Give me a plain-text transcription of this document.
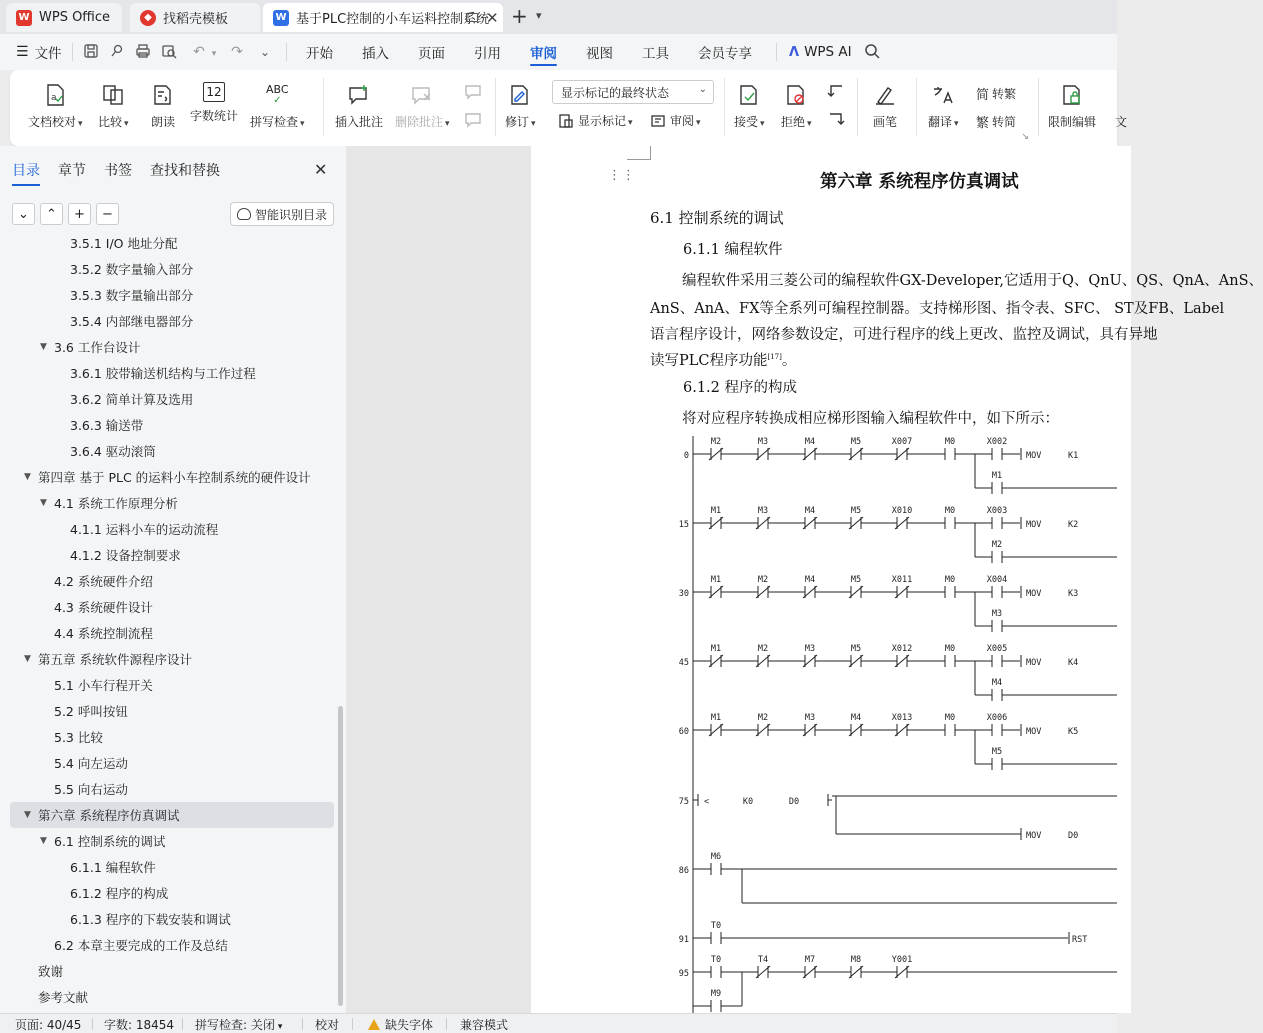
W WPS Office	◆ 找稻壳模板	W 基于PLC控制的小车运料控制系统
✕ + ▾
☰ 文件	↶ ▾	↷	⌄	开始 插入 页面 引用 审阅 视图 工具 会员专享	ᐱ WPS AI
a
文档校对 ▾	比较 ▾	朗读
12
字数统计
ABC
✓
拼写检查 ▾	插入批注 删除批注 ▾	修订 ▾
显示标记的最终状态	⌄
显示标记 ▾	审阅 ▾	接受 ▾	拒绝 ▾	画笔	翻译 ▾
简 转繁
繁 转简	限制编辑 文
↘
目录 章节 书签 查找和替换	✕
⌄	⌃	+	−	智能识别目录
3.5.1 I/O 地址分配
3.5.2 数字量输入部分
3.5.3 数字量输出部分
3.5.4 内部继电器部分
▼ 3.6 工作台设计
3.6.1 胶带输送机结构与工作过程
3.6.2 简单计算及选用
3.6.3 输送带
3.6.4 驱动滚筒
▼ 第四章 基于 PLC 的运料小车控制系统的硬件设计
▼ 4.1 系统工作原理分析
4.1.1 运料小车的运动流程
4.1.2 设备控制要求
4.2 系统硬件介绍
4.3 系统硬件设计
4.4 系统控制流程
▼ 第五章 系统软件源程序设计
5.1 小车行程开关
5.2 呼叫按钮
5.3 比较
5.4 向左运动
5.5 向右运动
▼ 第六章 系统程序仿真调试
▼ 6.1 控制系统的调试
6.1.1 编程软件
6.1.2 程序的构成
6.1.3 程序的下载安装和调试
6.2 本章主要完成的工作及总结
致谢
参考文献
⋮⋮	第六章 系统程序仿真调试
6.1 控制系统的调试
6.1.1 编程软件
编程软件采用三菱公司的编程软件GX-Developer,它适用于Q、QnU、QS、QnA、AnS、
AnS、AnA、FX等全系列可编程控制器。支持梯形图、指令表、SFC、 ST及FB、Label
语言程序设计，网络参数设定，可进行程序的线上更改、监控及调试，具有异地
读写PLC程序功能[17]。
6.1.2 程序的构成
将对应程序转换成相应梯形图输入编程软件中，如下所示：
0
M2	M3	M4	M5	X007	M0	X002
MOV	K1
M1
15
M1	M3	M4	M5	X010	M0	X003
MOV	K2
M2
30
M1	M2	M4	M5	X011	M0	X004
MOV	K3
M3
45
M1	M2	M3	M5	X012	M0	X005
MOV	K4
M4
60
M1	M2	M3	M4	X013	M0	X006
MOV	K5
M5
75 <	K0	D0
MOV	D0
86
M6
91
T0
RST
95
T0	T4	M7	M8	Y001
M9
页面: 40/45 字数: 18454 拼写检查: 关闭 ▾	校对	缺失字体 兼容模式
